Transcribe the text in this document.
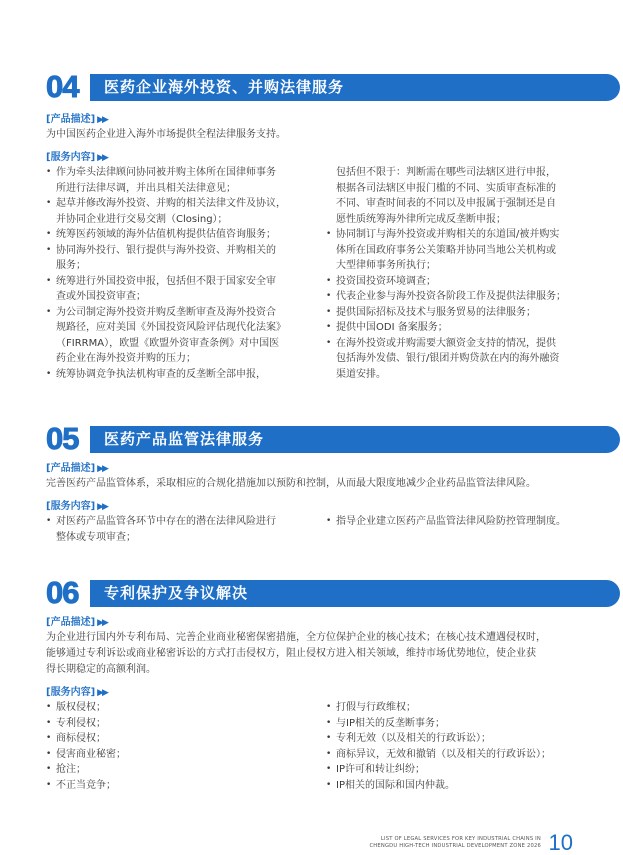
04 医药企业海外投资、并购法律服务
[产品描述] ▶▶
为中国医药企业进入海外市场提供全程法律服务支持。
[服务内容] ▶▶
• 作为牵头法律顾问协同被并购主体所在国律师事务
所进行法律尽调，并出具相关法律意见；
• 起草并修改海外投资、并购的相关法律文件及协议，
并协同企业进行交易交割（Closing）；
• 统筹医药领域的海外估值机构提供估值咨询服务；
• 协同海外投行、银行提供与海外投资、并购相关的
服务；
• 统筹进行外国投资申报，包括但不限于国家安全审
查或外国投资审查；
• 为公司制定海外投资并购反垄断审查及海外投资合
规路径，应对美国《外国投资风险评估现代化法案》
（FIRRMA），欧盟《欧盟外资审查条例》对中国医
药企业在海外投资并购的压力；
• 统筹协调竞争执法机构审查的反垄断全部申报，
包括但不限于：判断需在哪些司法辖区进行申报，
根据各司法辖区申报门槛的不同、实质审查标准的
不同、审查时间表的不同以及申报属于强制还是自
愿性质统筹海外律所完成反垄断申报；
• 协同制订与海外投资或并购相关的东道国/被并购实
体所在国政府事务公关策略并协同当地公关机构或
大型律师事务所执行；
• 投资国投资环境调查；
• 代表企业参与海外投资各阶段工作及提供法律服务；
• 提供国际招标及技术与服务贸易的法律服务；
• 提供中国ODI 备案服务；
• 在海外投资或并购需要大额资金支持的情况，提供
包括海外发债、银行/银团并购贷款在内的海外融资
渠道安排。
05 医药产品监管法律服务
[产品描述] ▶▶
完善医药产品监管体系，采取相应的合规化措施加以预防和控制，从而最大限度地减少企业药品监管法律风险。
[服务内容] ▶▶
• 对医药产品监管各环节中存在的潜在法律风险进行
整体或专项审查；
• 指导企业建立医药产品监管法律风险防控管理制度。
06 专利保护及争议解决
[产品描述] ▶▶
为企业进行国内外专利布局、完善企业商业秘密保密措施，全方位保护企业的核心技术；在核心技术遭遇侵权时，
能够通过专利诉讼或商业秘密诉讼的方式打击侵权方，阻止侵权方进入相关领域，维持市场优势地位，使企业获
得长期稳定的高额利润。
[服务内容] ▶▶
• 版权侵权；
• 专利侵权；
• 商标侵权；
• 侵害商业秘密；
• 抢注；
• 不正当竞争；
• 打假与行政维权；
• 与IP相关的反垄断事务；
• 专利无效（以及相关的行政诉讼）；
• 商标异议，无效和撤销（以及相关的行政诉讼）；
• IP许可和转让纠纷；
• IP相关的国际和国内仲裁。
LIST OF LEGAL SERVICES FOR KEY INDUSTRIAL CHAINS IN
CHENGDU HIGH-TECH INDUSTRIAL DEVELOPMENT ZONE 2026 10
